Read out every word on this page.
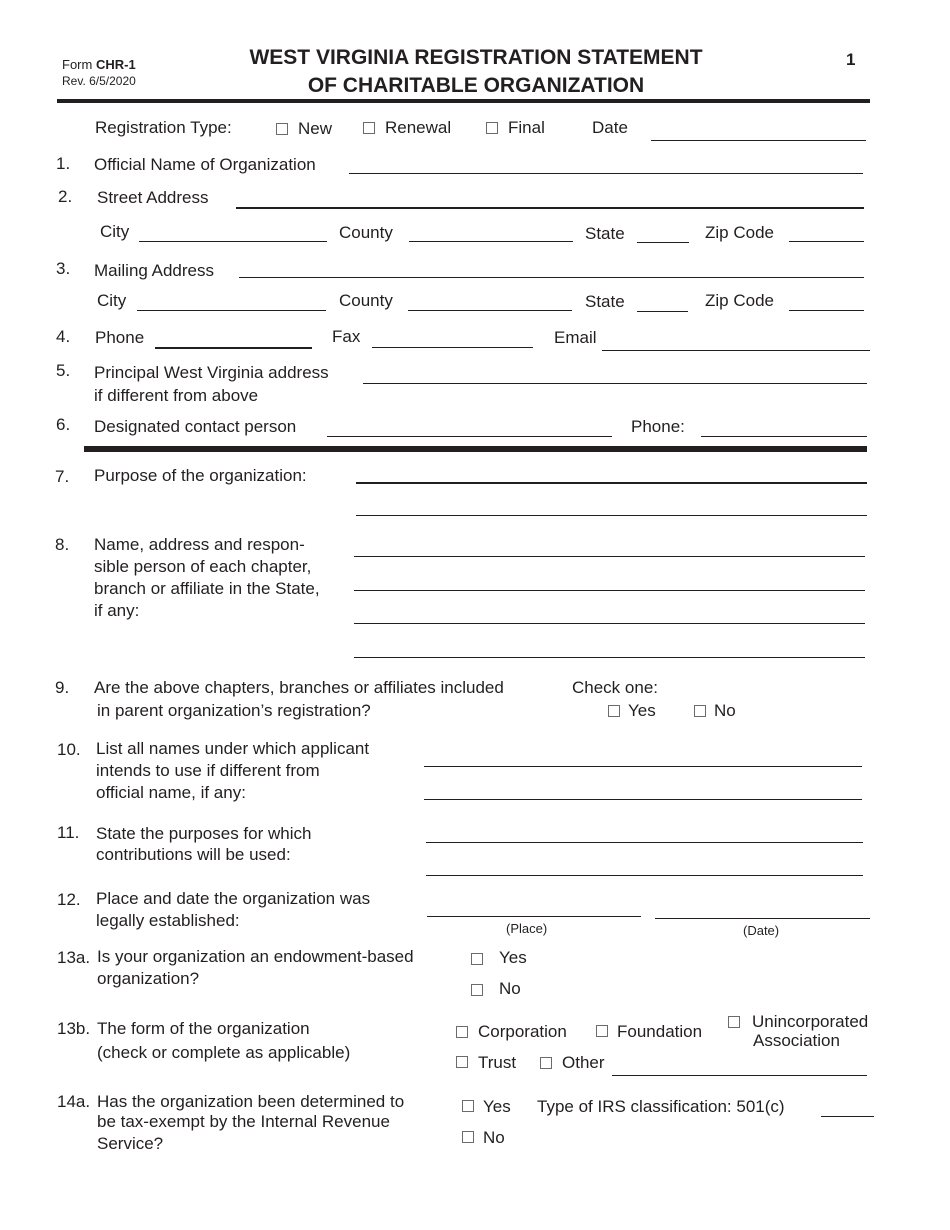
Form CHR-1
Rev. 6/5/2020
WEST VIRGINIA REGISTRATION STATEMENT
OF CHARITABLE ORGANIZATION
1
Registration Type:	New	Renewal	Final	Date
1. Official Name of Organization
2. Street Address
City	County	State	Zip Code
3. Mailing Address
City	County	State	Zip Code
4. Phone	Fax	Email
5. Principal West Virginia address
if different from above
6. Designated contact person	Phone:
7. Purpose of the organization:
8. Name, address and respon-
sible person of each chapter,
branch or affiliate in the State,
if any:
9. Are the above chapters, branches or affiliates included
in parent organization’s registration?
Check one:
Yes	No
10. List all names under which applicant
intends to use if different from
official name, if any:
11. State the purposes for which
contributions will be used:
12. Place and date the organization was
legally established:	(Place)	(Date)
13a. Is your organization an endowment-based
organization?
Yes
No
13b. The form of the organization
(check or complete as applicable)
Corporation	Foundation
Unincorporated
Association
Trust	Other
14a. Has the organization been determined to
be tax-exempt by the Internal Revenue
Service?
Yes
No
Type of IRS classification: 501(c)
